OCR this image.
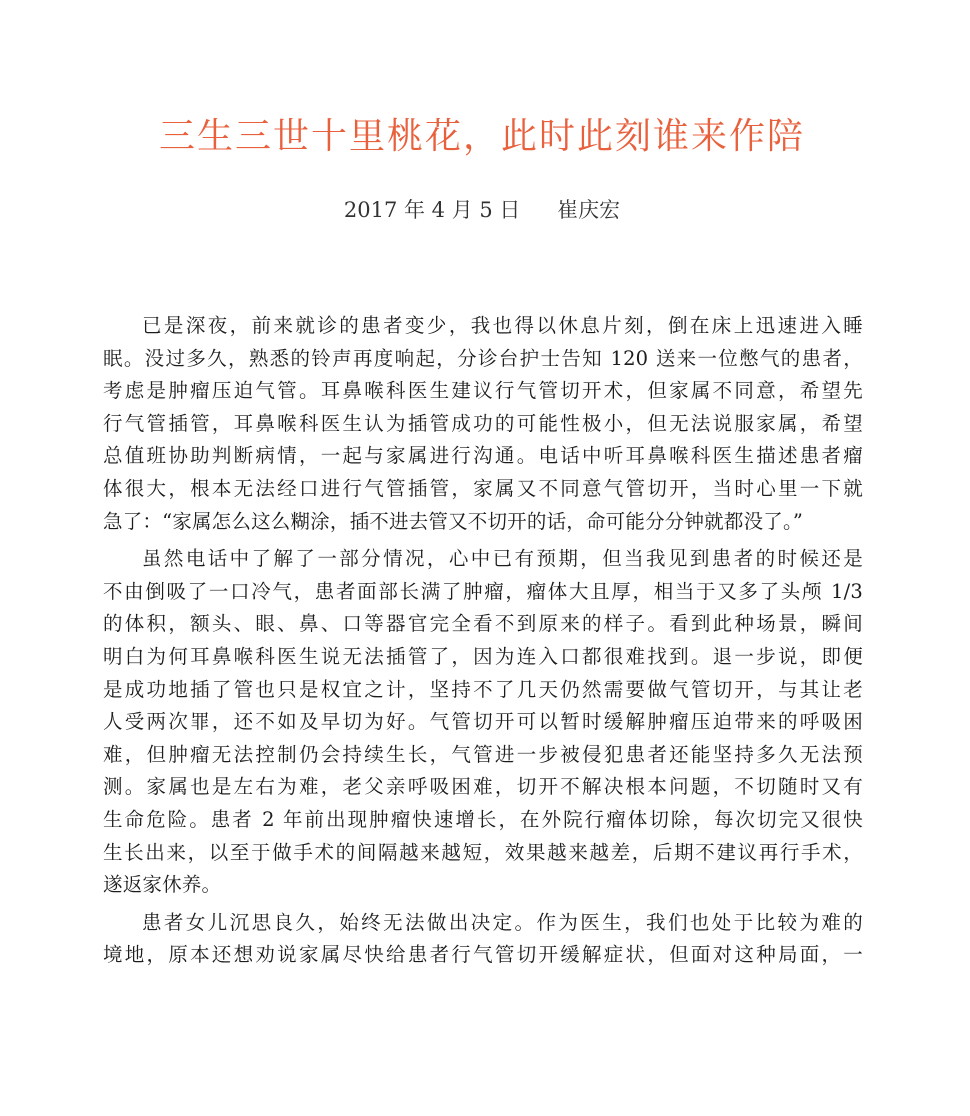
三生三世十里桃花，此时此刻谁来作陪
2017 年 4 月 5 日 崔庆宏
已是深夜，前来就诊的患者变少，我也得以休息片刻，倒在床上迅速进入睡
眠。没过多久，熟悉的铃声再度响起，分诊台护士告知 120 送来一位憋气的患者，
考虑是肿瘤压迫气管。耳鼻喉科医生建议行气管切开术，但家属不同意，希望先
行气管插管，耳鼻喉科医生认为插管成功的可能性极小，但无法说服家属，希望
总值班协助判断病情，一起与家属进行沟通。电话中听耳鼻喉科医生描述患者瘤
体很大，根本无法经口进行气管插管，家属又不同意气管切开，当时心里一下就
急了：“家属怎么这么糊涂，插不进去管又不切开的话，命可能分分钟就都没了。”
虽然电话中了解了一部分情况，心中已有预期，但当我见到患者的时候还是
不由倒吸了一口冷气，患者面部长满了肿瘤，瘤体大且厚，相当于又多了头颅 1/3
的体积，额头、眼、鼻、口等器官完全看不到原来的样子。看到此种场景，瞬间
明白为何耳鼻喉科医生说无法插管了，因为连入口都很难找到。退一步说，即便
是成功地插了管也只是权宜之计，坚持不了几天仍然需要做气管切开，与其让老
人受两次罪，还不如及早切为好。气管切开可以暂时缓解肿瘤压迫带来的呼吸困
难，但肿瘤无法控制仍会持续生长，气管进一步被侵犯患者还能坚持多久无法预
测。家属也是左右为难，老父亲呼吸困难，切开不解决根本问题，不切随时又有
生命危险。患者 2 年前出现肿瘤快速增长，在外院行瘤体切除，每次切完又很快
生长出来，以至于做手术的间隔越来越短，效果越来越差，后期不建议再行手术，
遂返家休养。
患者女儿沉思良久，始终无法做出决定。作为医生，我们也处于比较为难的
境地，原本还想劝说家属尽快给患者行气管切开缓解症状，但面对这种局面，一
